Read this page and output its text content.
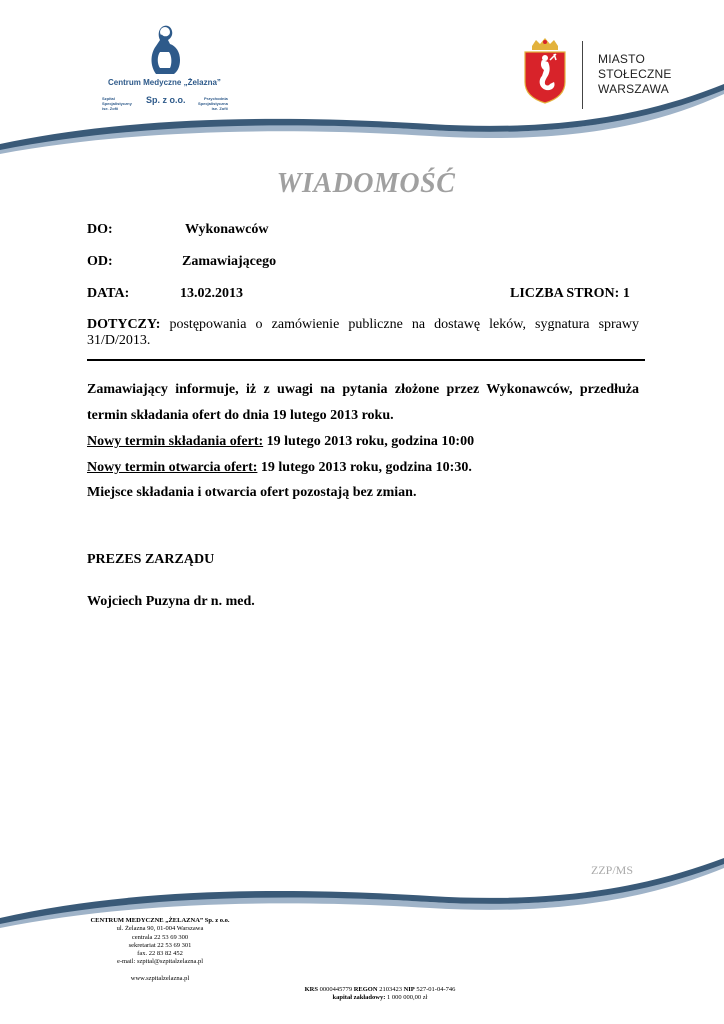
Centrum Medyczne „Żelazna”
Sp. z o.o.
Szpital
Specjalistyczny
ise. Zofii
Przychodnia
Specjalistyczna
ise. Zofii
MIASTO
STOŁECZNE
WARSZAWA
WIADOMOŚĆ
DO:	Wykonawców
OD:	Zamawiającego
DATA:	13.02.2013	LICZBA STRON: 1
DOTYCZY: postępowania o zamówienie publiczne na dostawę leków, sygnatura sprawy
31/D/2013.
Zamawiający informuje, iż z uwagi na pytania złożone przez Wykonawców, przedłuża
termin składania ofert do dnia 19 lutego 2013 roku.
Nowy termin składania ofert: 19 lutego 2013 roku, godzina 10:00
Nowy termin otwarcia ofert: 19 lutego 2013 roku, godzina 10:30.
Miejsce składania i otwarcia ofert pozostają bez zmian.
PREZES ZARZĄDU
Wojciech Puzyna dr n. med.
ZZP/MS
CENTRUM MEDYCZNE „ŻELAZNA” Sp. z o.o.
ul. Żelazna 90, 01-004 Warszawa
centrala 22 53 69 300
sekretariat 22 53 69 301
fax. 22 83 82 452
e-mail: szpital@szpitalzelazna.pl
www.szpitalzelazna.pl
KRS 0000445779 REGON 2103423 NIP 527-01-04-746
kapitał zakładowy: 1 000 000,00 zł
